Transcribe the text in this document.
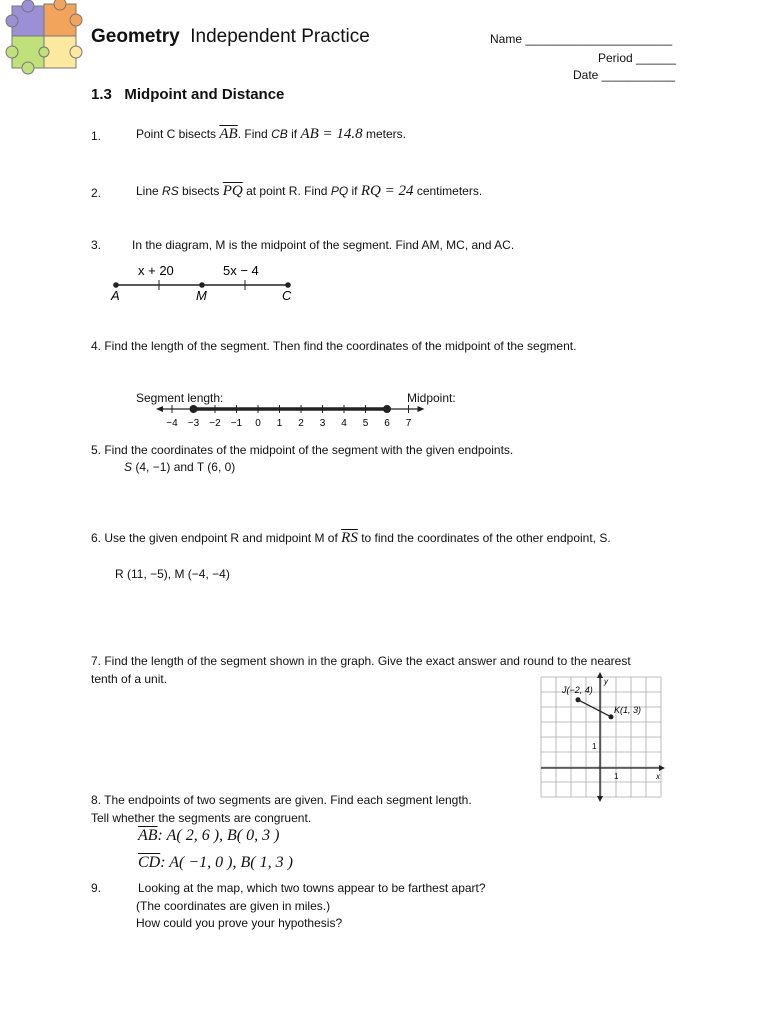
Geometry Independent Practice	Name ______________________
Period ______
Date ___________
1.3 Midpoint and Distance
1.	Point C bisects $\overline{AB}$. Find CB if AB = 14.8 meters.
2.	Line RS bisects $\overline{PQ}$ at point R. Find PQ if RQ = 24 centimeters.
3.	In the diagram, M is the midpoint of the segment. Find AM, MC, and AC.
x + 20	5x − 4
A	M	C
4. Find the length of the segment. Then find the coordinates of the midpoint of the segment.
Segment length:	Midpoint:
−4 −3 −2 −1 0 1 2 3 4 5 6 7
5. Find the coordinates of the midpoint of the segment with the given endpoints.
S (4, −1) and T (6, 0)
6. Use the given endpoint R and midpoint M of $\overline{RS}$ to find the coordinates of the other endpoint, S.
R (11, −5), M (−4, −4)
7. Find the length of the segment shown in the graph. Give the exact answer and round to the nearest
tenth of a unit.
J(−2, 4)
K(1, 3)
x
y
1
1
8. The endpoints of two segments are given. Find each segment length.
Tell whether the segments are congruent.
$\overline{AB}$: A( 2, 6 ), B( 0, 3 )
$\overline{CD}$: A( −1, 0 ), B( 1, 3 )
9.	Looking at the map, which two towns appear to be farthest apart?
(The coordinates are given in miles.)
How could you prove your hypothesis?
